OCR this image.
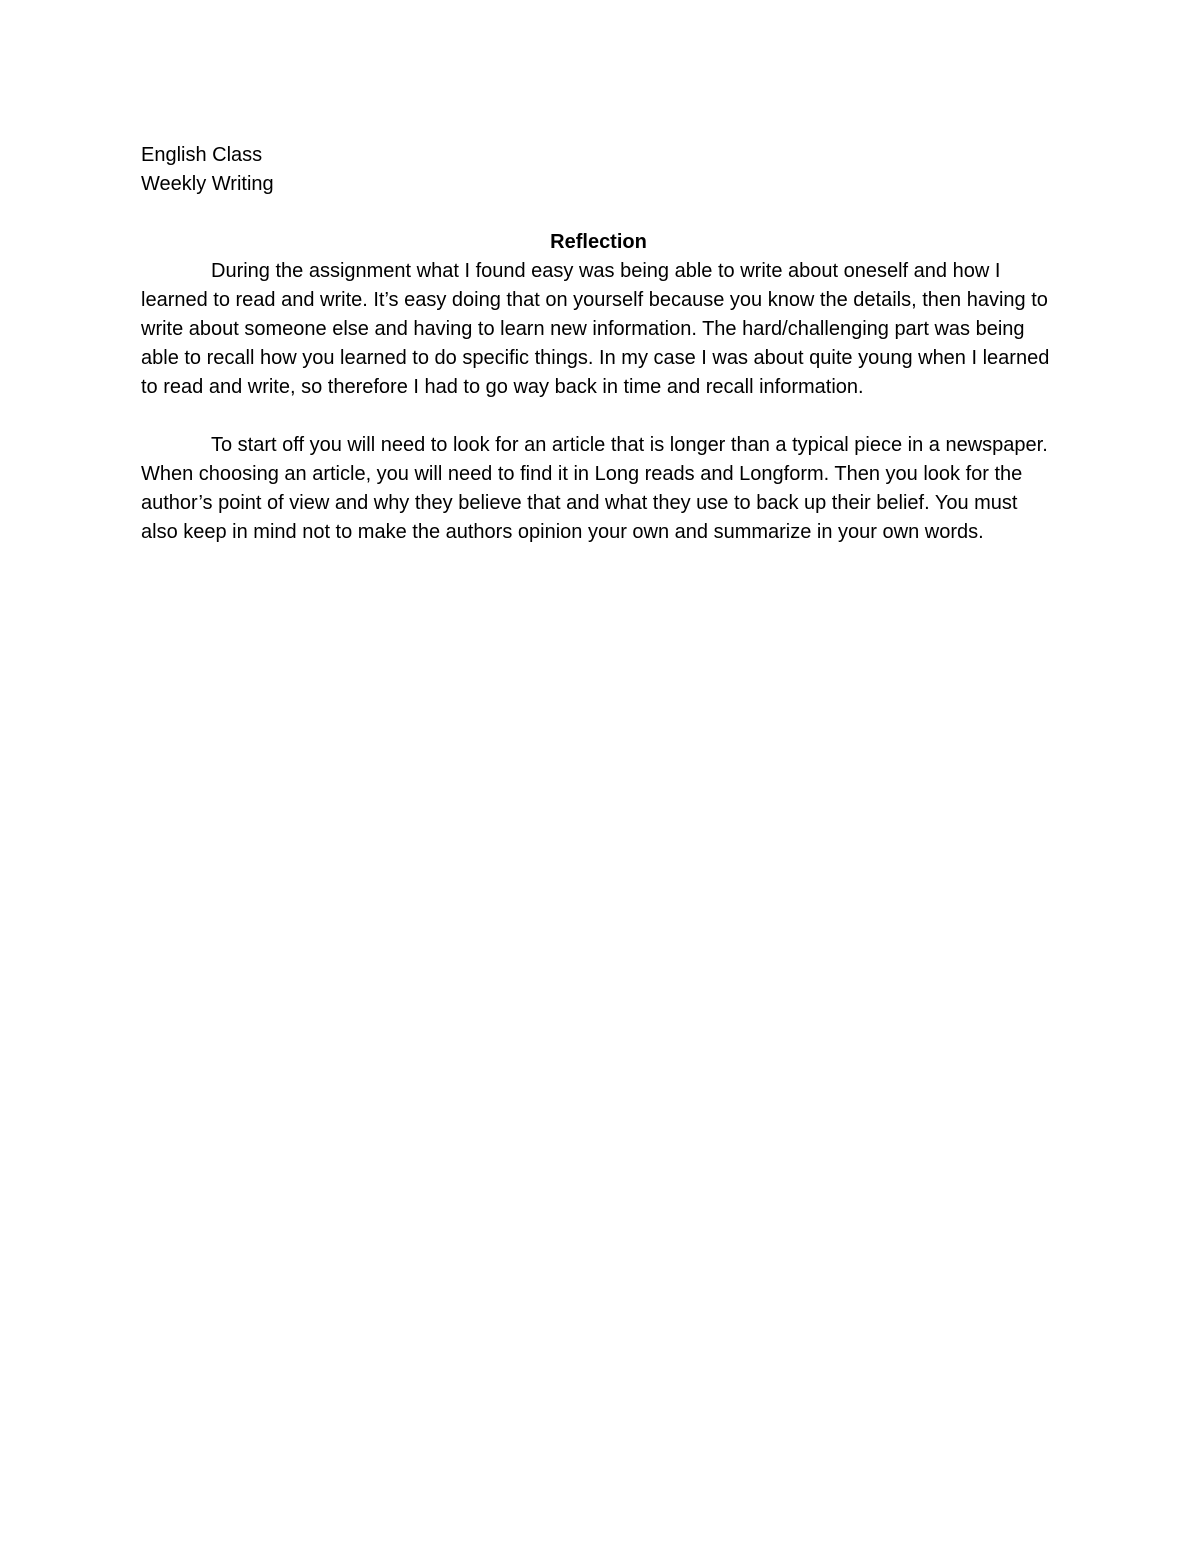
English Class

Weekly Writing

Reflection

During the assignment what I found easy was being able to write about oneself and how I learned to read and write. It’s easy doing that on yourself because you know the details, then having to write about someone else and having to learn new information. The hard/challenging part was being able to recall how you learned to do specific things. In my case I was about quite young when I learned to read and write, so therefore I had to go way back in time and recall information.

To start off you will need to look for an article that is longer than a typical piece in a newspaper. When choosing an article, you will need to find it in Long reads and Longform. Then you look for the author’s point of view and why they believe that and what they use to back up their belief. You must also keep in mind not to make the authors opinion your own and summarize in your own words.
